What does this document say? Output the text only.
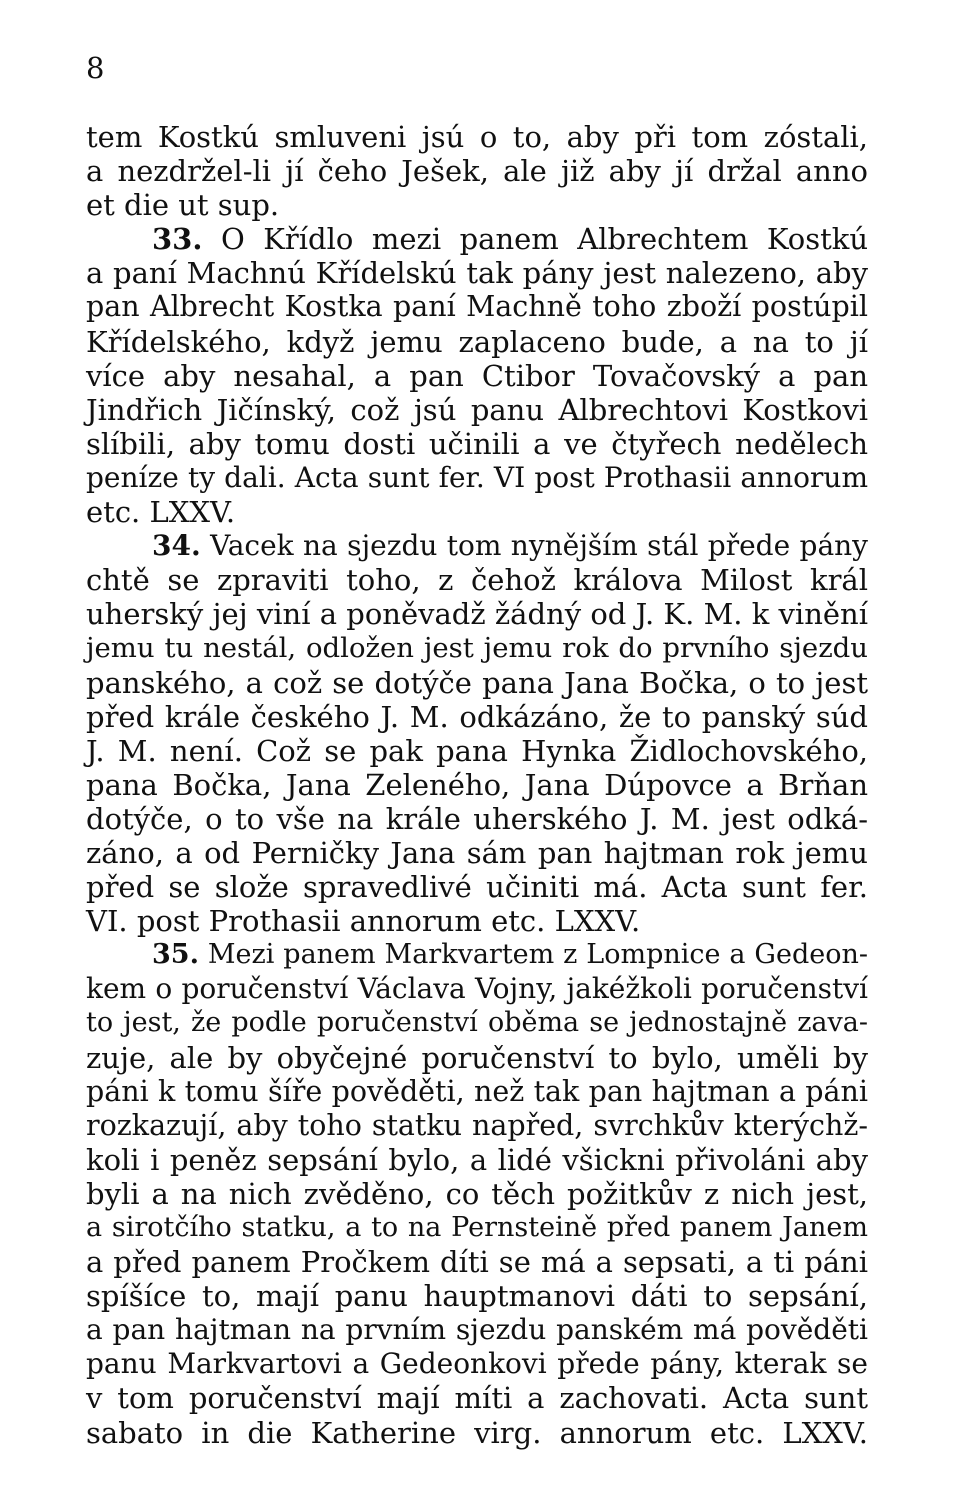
8
tem Kostkú smluveni jsú o to, aby při tom zóstali,
a nezdržel-li jí čeho Ješek, ale již aby jí držal anno
et die ut sup.
33. O Křídlo mezi panem Albrechtem Kostkú
a paní Machnú Křídelskú tak pány jest nalezeno, aby
pan Albrecht Kostka paní Machně toho zboží postúpil
Křídelského, když jemu zaplaceno bude, a na to jí
více aby nesahal, a pan Ctibor Tovačovský a pan
Jindřich Jičínský, což jsú panu Albrechtovi Kostkovi
slíbili, aby tomu dosti učinili a ve čtyřech nedělech
peníze ty dali. Acta sunt fer. VI post Prothasii annorum
etc. LXXV.
34. Vacek na sjezdu tom nynějším stál přede pány
chtě se zpraviti toho, z čehož králova Milost král
uherský jej viní a poněvadž žádný od J. K. M. k vinění
jemu tu nestál, odložen jest jemu rok do prvního sjezdu
panského, a což se dotýče pana Jana Bočka, o to jest
před krále českého J. M. odkázáno, že to panský súd
J. M. není. Což se pak pana Hynka Židlochovského,
pana Bočka, Jana Zeleného, Jana Dúpovce a Brňan
dotýče, o to vše na krále uherského J. M. jest odká-
záno, a od Perničky Jana sám pan hajtman rok jemu
před se slože spravedlivé učiniti má. Acta sunt fer.
VI. post Prothasii annorum etc. LXXV.
35. Mezi panem Markvartem z Lompnice a Gedeon-
kem o poručenství Václava Vojny, jakéžkoli poručenství
to jest, že podle poručenství oběma se jednostajně zava-
zuje, ale by obyčejné poručenství to bylo, uměli by
páni k tomu šíře pověděti, než tak pan hajtman a páni
rozkazují, aby toho statku napřed, svrchkův kterýchž-
koli i peněz sepsání bylo, a lidé všickni přivoláni aby
byli a na nich zvěděno, co těch požitkův z nich jest,
a sirotčího statku, a to na Pernsteině před panem Janem
a před panem Pročkem díti se má a sepsati, a ti páni
spíšíce to, mají panu hauptmanovi dáti to sepsání,
a pan hajtman na prvním sjezdu panském má pověděti
panu Markvartovi a Gedeonkovi přede pány, kterak se
v tom poručenství mají míti a zachovati. Acta sunt
sabato in die Katherine virg. annorum etc. LXXV.
